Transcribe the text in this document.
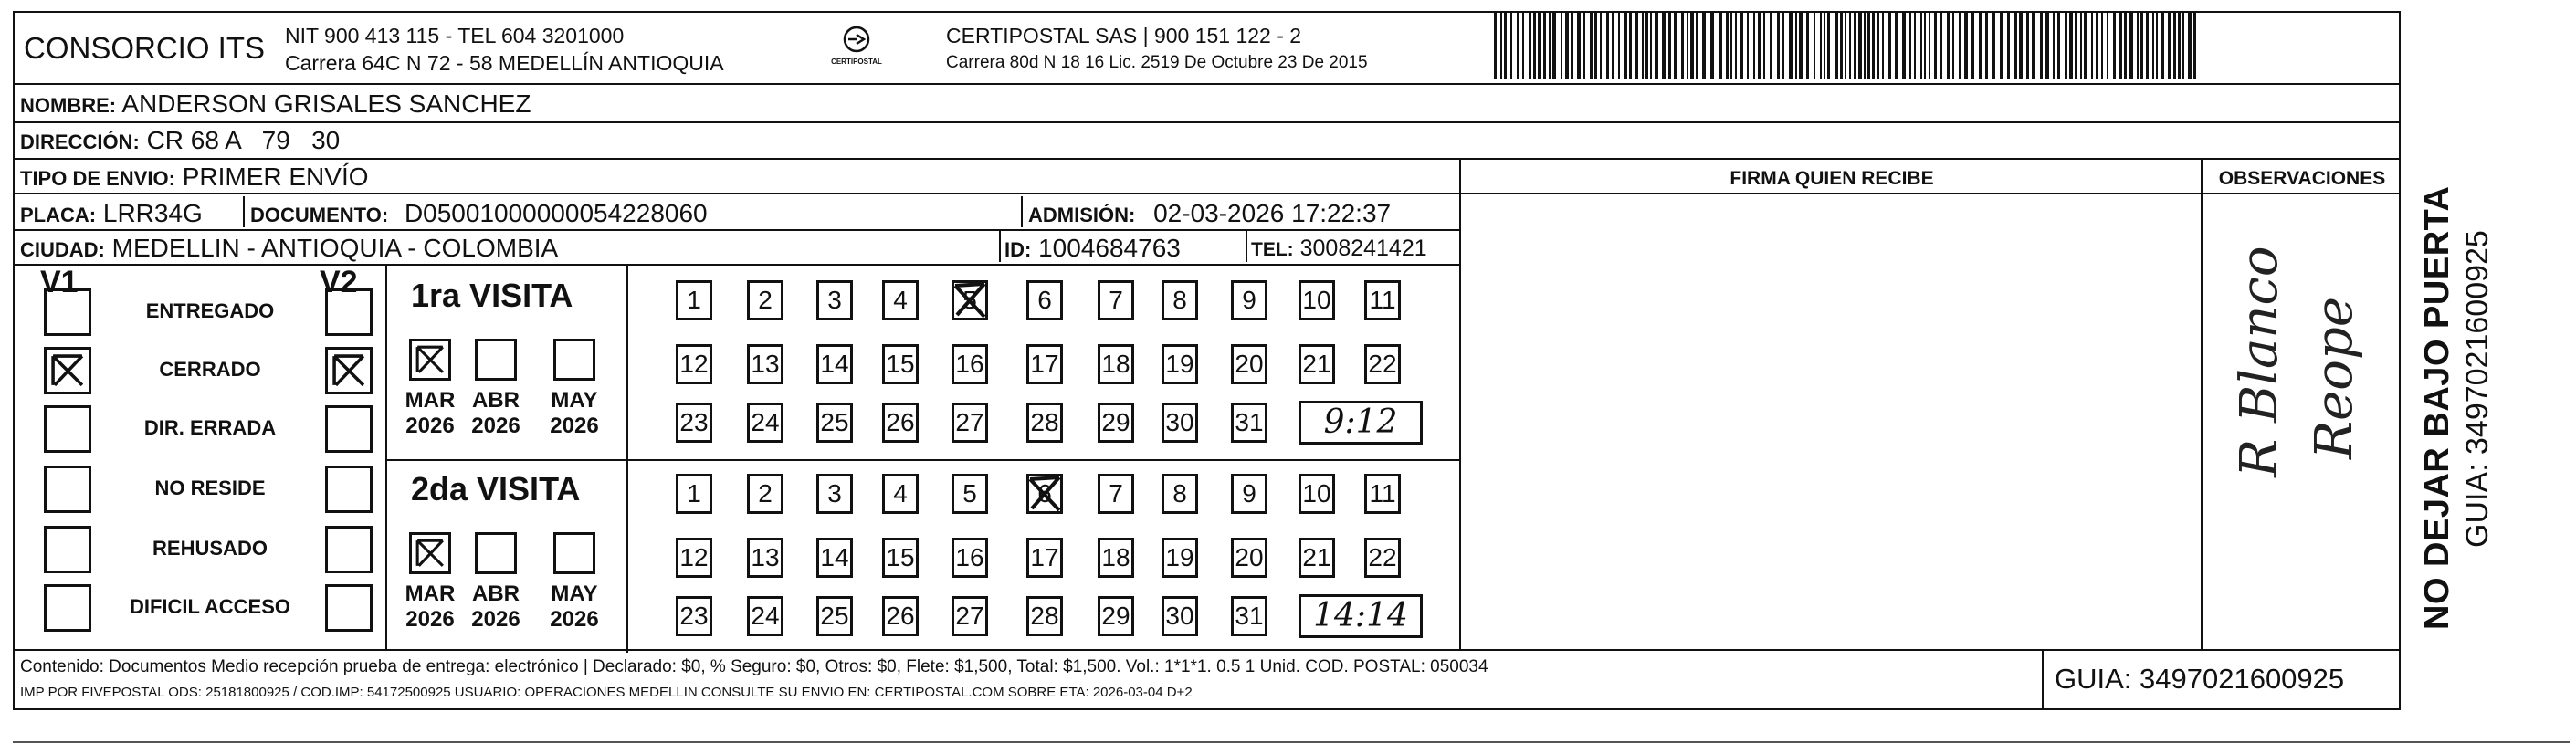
CONSORCIO ITS NIT 900 413 115 - TEL 604 3201000
Carrera 64C N 72 - 58 MEDELLÍN ANTIOQUIA	CERTIPOSTAL
CERTIPOSTAL SAS | 900 151 122 - 2
Carrera 80d N 18 16 Lic. 2519 De Octubre 23 De 2015
NOMBRE: ANDERSON GRISALES SANCHEZ
DIRECCIÓN: CR 68 A   79   30
TIPO DE ENVIO: PRIMER ENVÍO	FIRMA QUIEN RECIBE	OBSERVACIONES
PLACA: LRR34G DOCUMENTO: D05001000000054228060	ADMISIÓN: 02-03-2026 17:22:37
CIUDAD: MEDELLIN - ANTIOQUIA - COLOMBIA	ID: 1004684763	TEL: 3008241421
V1	V2
ENTREGADO
CERRADO
DIR. ERRADA
NO RESIDE
REHUSADO
DIFICIL ACCESO
1ra VISITA
MAR
2026
ABR
2026
MAY
2026
1	2	3	4	5	6	7	8	9	10 11
12 13 14 15 16 17 18 19 20 21 22
23 24 25 26 27 28 29 30 31	9:12
2da VISITA
MAR
2026
ABR
2026
MAY
2026
1	2	3	4	5	6	7	8	9	10 11
12 13 14 15 16 17 18 19 20 21 22
23 24 25 26 27 28 29 30 31	14:14
R Blanco Reope
Contenido: Documentos Medio recepción prueba de entrega: electrónico | Declarado: $0, % Seguro: $0, Otros: $0, Flete: $1,500, Total: $1,500. Vol.: 1*1*1. 0.5 1 Unid. COD. POSTAL: 050034
IMP POR FIVEPOSTAL ODS: 25181800925 / COD.IMP: 54172500925 USUARIO: OPERACIONES MEDELLIN CONSULTE SU ENVIO EN: CERTIPOSTAL.COM SOBRE ETA: 2026-03-04 D+2	GUIA: 3497021600925
NO DEJAR BAJO PUERTA GUIA: 3497021600925
